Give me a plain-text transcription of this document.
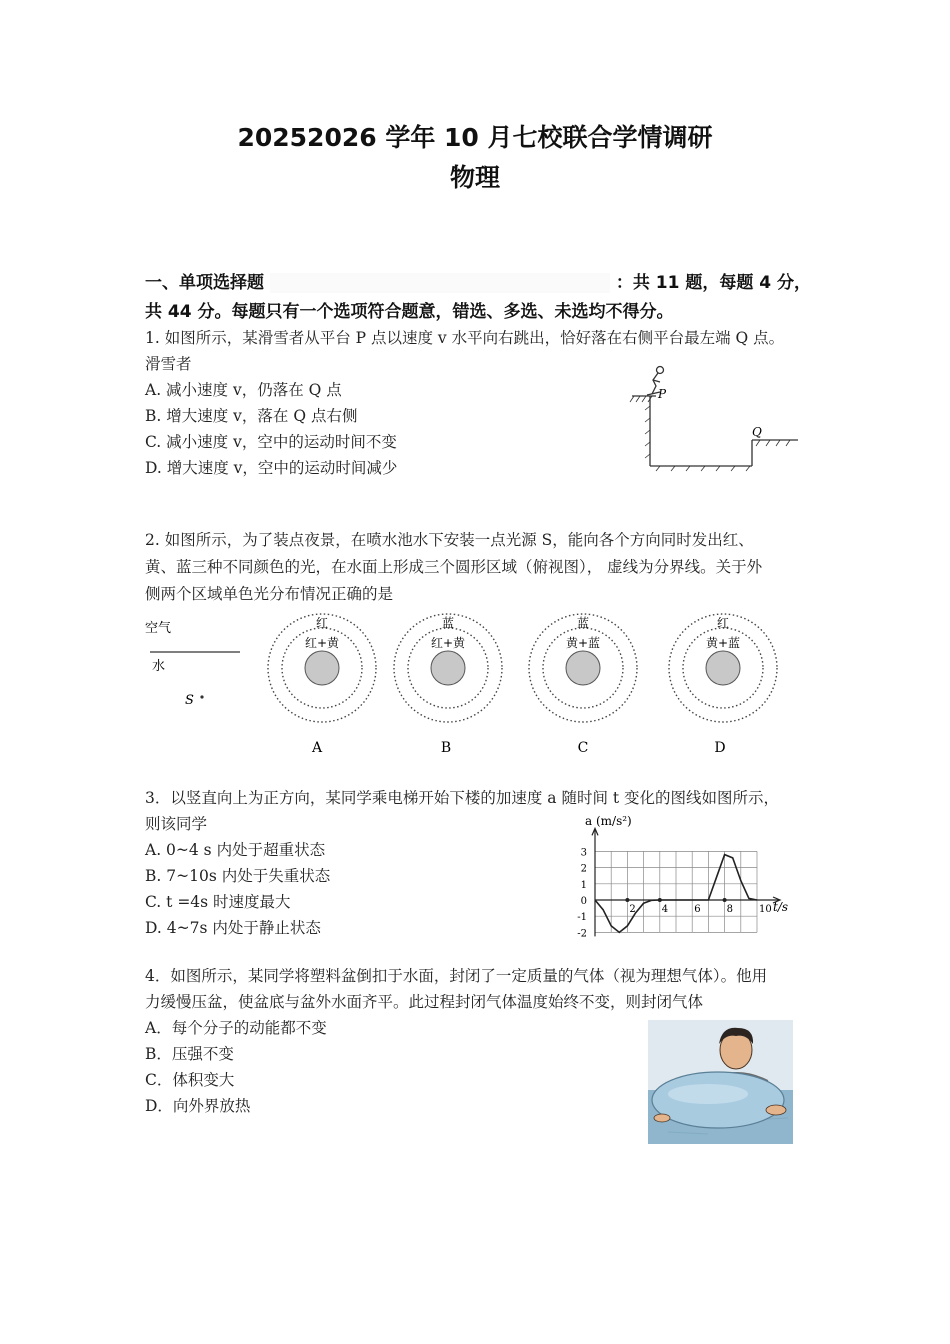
20252026 学年 10 月七校联合学情调研
物理
一、单项选择题	：共 11 题，每题 4 分，
共 44 分。每题只有一个选项符合题意，错选、多选、未选均不得分。
1. 如图所示，某滑雪者从平台 P 点以速度 v 水平向右跳出，恰好落在右侧平台最左端 Q 点。
滑雪者
A. 减小速度 v，仍落在 Q 点
B. 增大速度 v，落在 Q 点右侧
C. 减小速度 v，空中的运动时间不变
D. 增大速度 v，空中的运动时间减少
P
Q
2. 如图所示，为了装点夜景，在喷水池水下安装一点光源 S，能向各个方向同时发出红、
黄、蓝三种不同颜色的光，在水面上形成三个圆形区域（俯视图）， 虚线为分界线。关于外
侧两个区域单色光分布情况正确的是
空气
水
S
红
红+黄
A
蓝
红+黄
B
蓝
黄+蓝
C
红
黄+蓝
D
3．以竖直向上为正方向，某同学乘电梯开始下楼的加速度 a 随时间 t 变化的图线如图所示，
则该同学
A. 0~4 s 内处于超重状态
B. 7~10s 内处于失重状态
C. t =4s 时速度最大
D. 4~7s 内处于静止状态
3
2
1
0
-1
-2
2	4	6	8	10
a (m/s²)
t/s
4．如图所示，某同学将塑料盆倒扣于水面，封闭了一定质量的气体（视为理想气体）。他用
力缓慢压盆，使盆底与盆外水面齐平。此过程封闭气体温度始终不变，则封闭气体
A．每个分子的动能都不变
B．压强不变
C．体积变大
D．向外界放热
